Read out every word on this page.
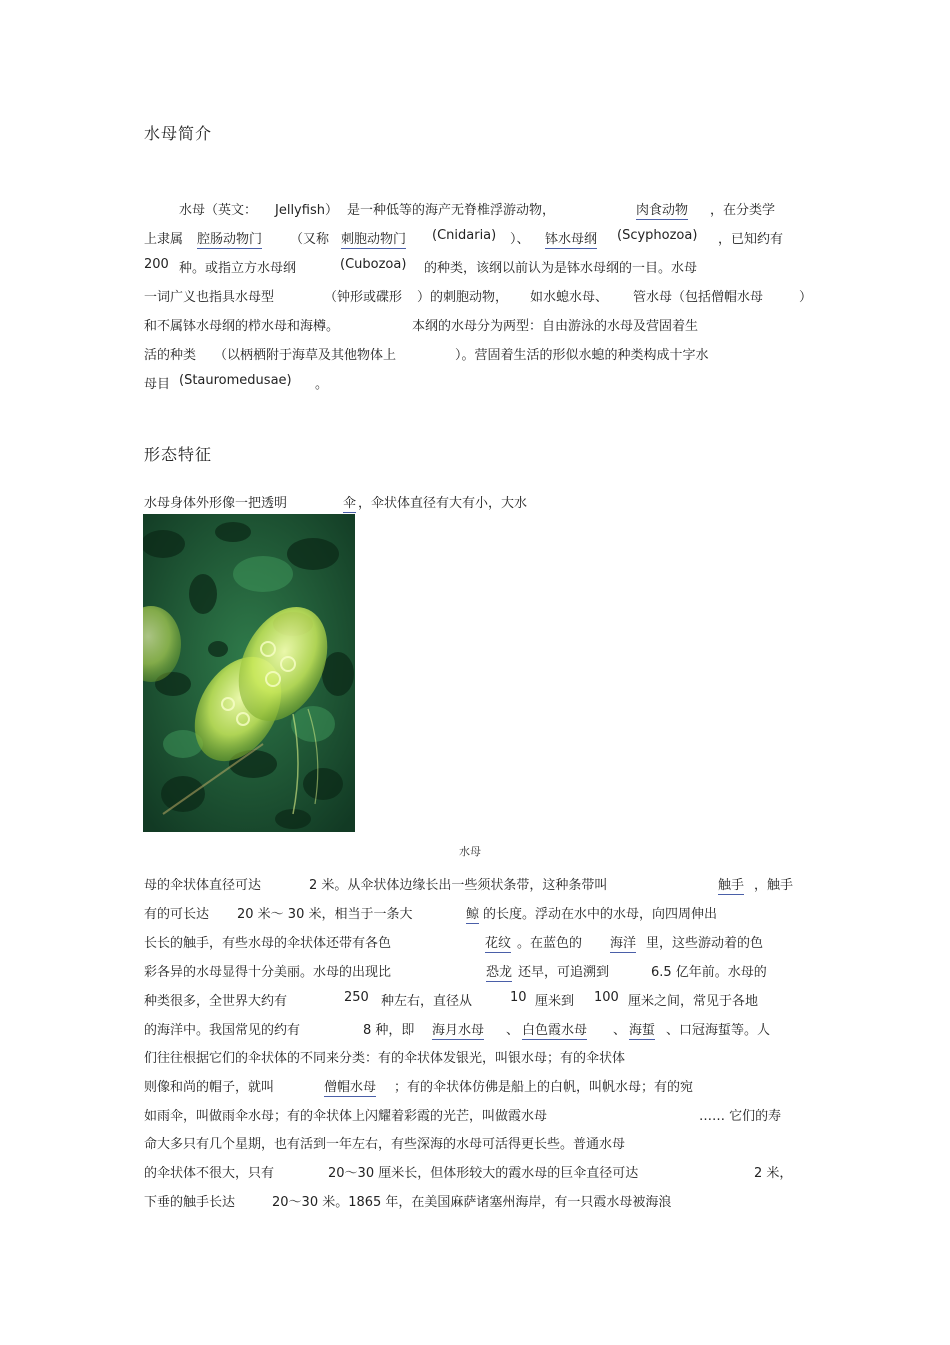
水母简介
水母（英文： Jellyfish） 是一种低等的海产无脊椎浮游动物，	肉食动物 ，在分类学
上隶属 腔肠动物门 （又称 刺胞动物门 (Cnidaria) ）、 钵水母纲 (Scyphozoa) ，已知约有
200 种。或指立方水母纲	(Cubozoa) 的种类，该纲以前认为是钵水母纲的一目。水母
一词广义也指具水母型	（钟形或碟形 ）的刺胞动物， 如水螅水母、 管水母（包括僧帽水母	）
和不属钵水母纲的栉水母和海樽。	本纲的水母分为两型：自由游泳的水母及营固着生
活的种类 （以柄栖附于海草及其他物体上	）。营固着生活的形似水螅的种类构成十字水
母目 (Stauromedusae) 。
形态特征
水母身体外形像一把透明	伞 ，伞状体直径有大有小，大水
水母
母的伞状体直径可达	2 米。从伞状体边缘长出一些须状条带，这种条带叫	触手 ，触手
有的可长达 20 米～ 30 米，相当于一条大	鲸 的长度。浮动在水中的水母，向四周伸出
长长的触手，有些水母的伞状体还带有各色	花纹 。在蓝色的 海洋 里，这些游动着的色
彩各异的水母显得十分美丽。水母的出现比	恐龙 还早，可追溯到	6.5 亿年前。水母的
种类很多，全世界大约有	250 种左右，直径从	10 厘米到 100 厘米之间，常见于各地
的海洋中。我国常见的约有	8 种，即 海月水母 、 白色霞水母 、 海蜇 、口冠海蜇等。人
们往往根据它们的伞状体的不同来分类：有的伞状体发银光，叫银水母；有的伞状体
则像和尚的帽子，就叫	僧帽水母 ；有的伞状体仿佛是船上的白帆，叫帆水母；有的宛
如雨伞，叫做雨伞水母；有的伞状体上闪耀着彩霞的光芒，叫做霞水母	…… 它们的寿
命大多只有几个星期，也有活到一年左右，有些深海的水母可活得更长些。普通水母
的伞状体不很大，只有	20～30 厘米长，但体形较大的霞水母的巨伞直径可达	2 米，
下垂的触手长达	20～30 米。1865 年，在美国麻萨诸塞州海岸，有一只霞水母被海浪
